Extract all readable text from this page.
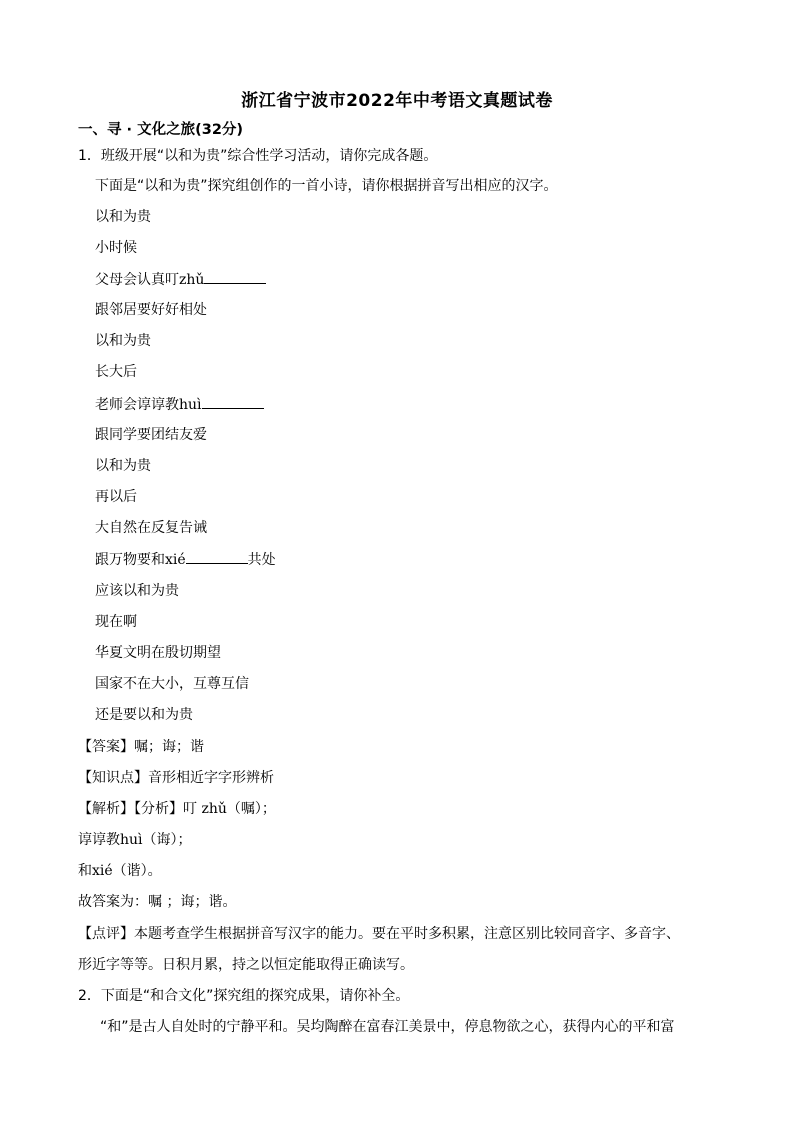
浙江省宁波市2022年中考语文真题试卷
一、寻 · 文化之旅(32分)
1．班级开展“以和为贵”综合性学习活动，请你完成各题。
下面是“以和为贵”探究组创作的一首小诗，请你根据拼音写出相应的汉字。
以和为贵
小时候
父母会认真叮zhǔ
跟邻居要好好相处
以和为贵
长大后
老师会谆谆教huì
跟同学要团结友爱
以和为贵
再以后
大自然在反复告诫
跟万物要和xié	共处
应该以和为贵
现在啊
华夏文明在殷切期望
国家不在大小，互尊互信
还是要以和为贵
【答案】嘱；诲；谐
【知识点】音形相近字字形辨析
【解析】【分析】叮 zhǔ（嘱）；
谆谆教huì（诲）；
和xié（谐）。
故答案为：嘱 ；诲；谐。
【点评】本题考查学生根据拼音写汉字的能力。要在平时多积累，注意区别比较同音字、多音字、
形近字等等。日积月累，持之以恒定能取得正确读写。
2．下面是“和合文化”探究组的探究成果，请你补全。
“和”是古人自处时的宁静平和。吴均陶醉在富春江美景中，停息物欲之心，获得内心的平和富
